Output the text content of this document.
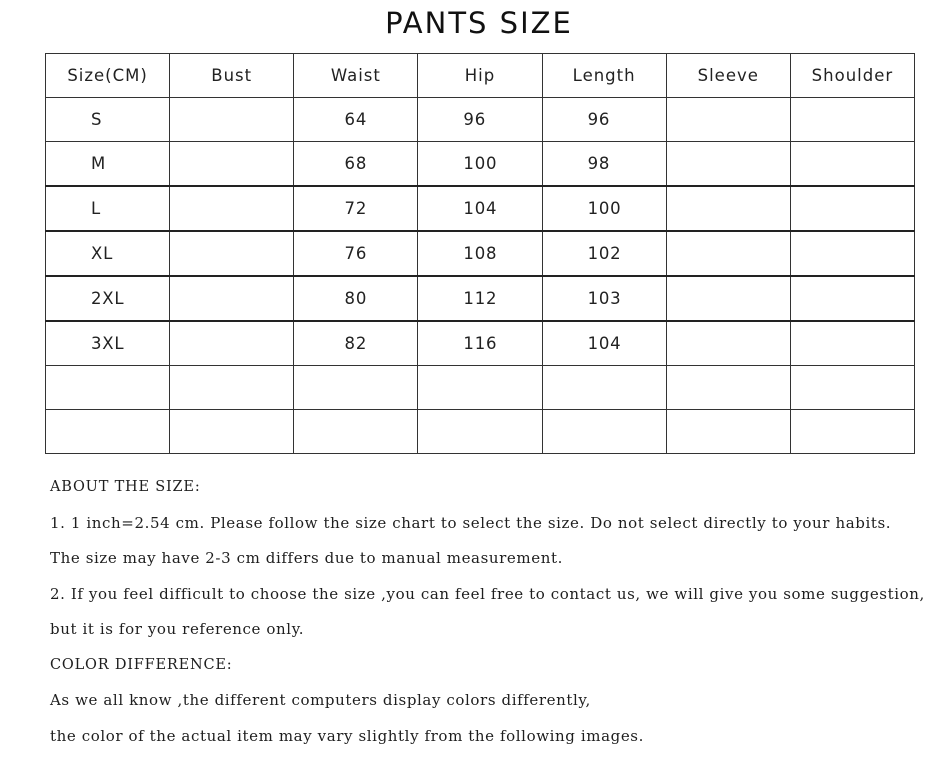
PANTS SIZE
Size(CM)	Bust	Waist	Hip	Length	Sleeve	Shoulder
S		64	96	96		
M		68	100	98		
L		72	104	100		
XL		76	108	102		
2XL		80	112	103		
3XL		82	116	104		

ABOUT THE SIZE:

1. 1 inch=2.54 cm. Please follow the size chart to select the size. Do not select directly to your habits.

The size may have 2-3 cm differs due to manual measurement.

2. If you feel difficult to choose the size ,you can feel free to contact us, we will give you some suggestion,

but it is for you reference only.

COLOR DIFFERENCE:

As we all know ,the different computers display colors differently,

the color of the actual item may vary slightly from the following images.
